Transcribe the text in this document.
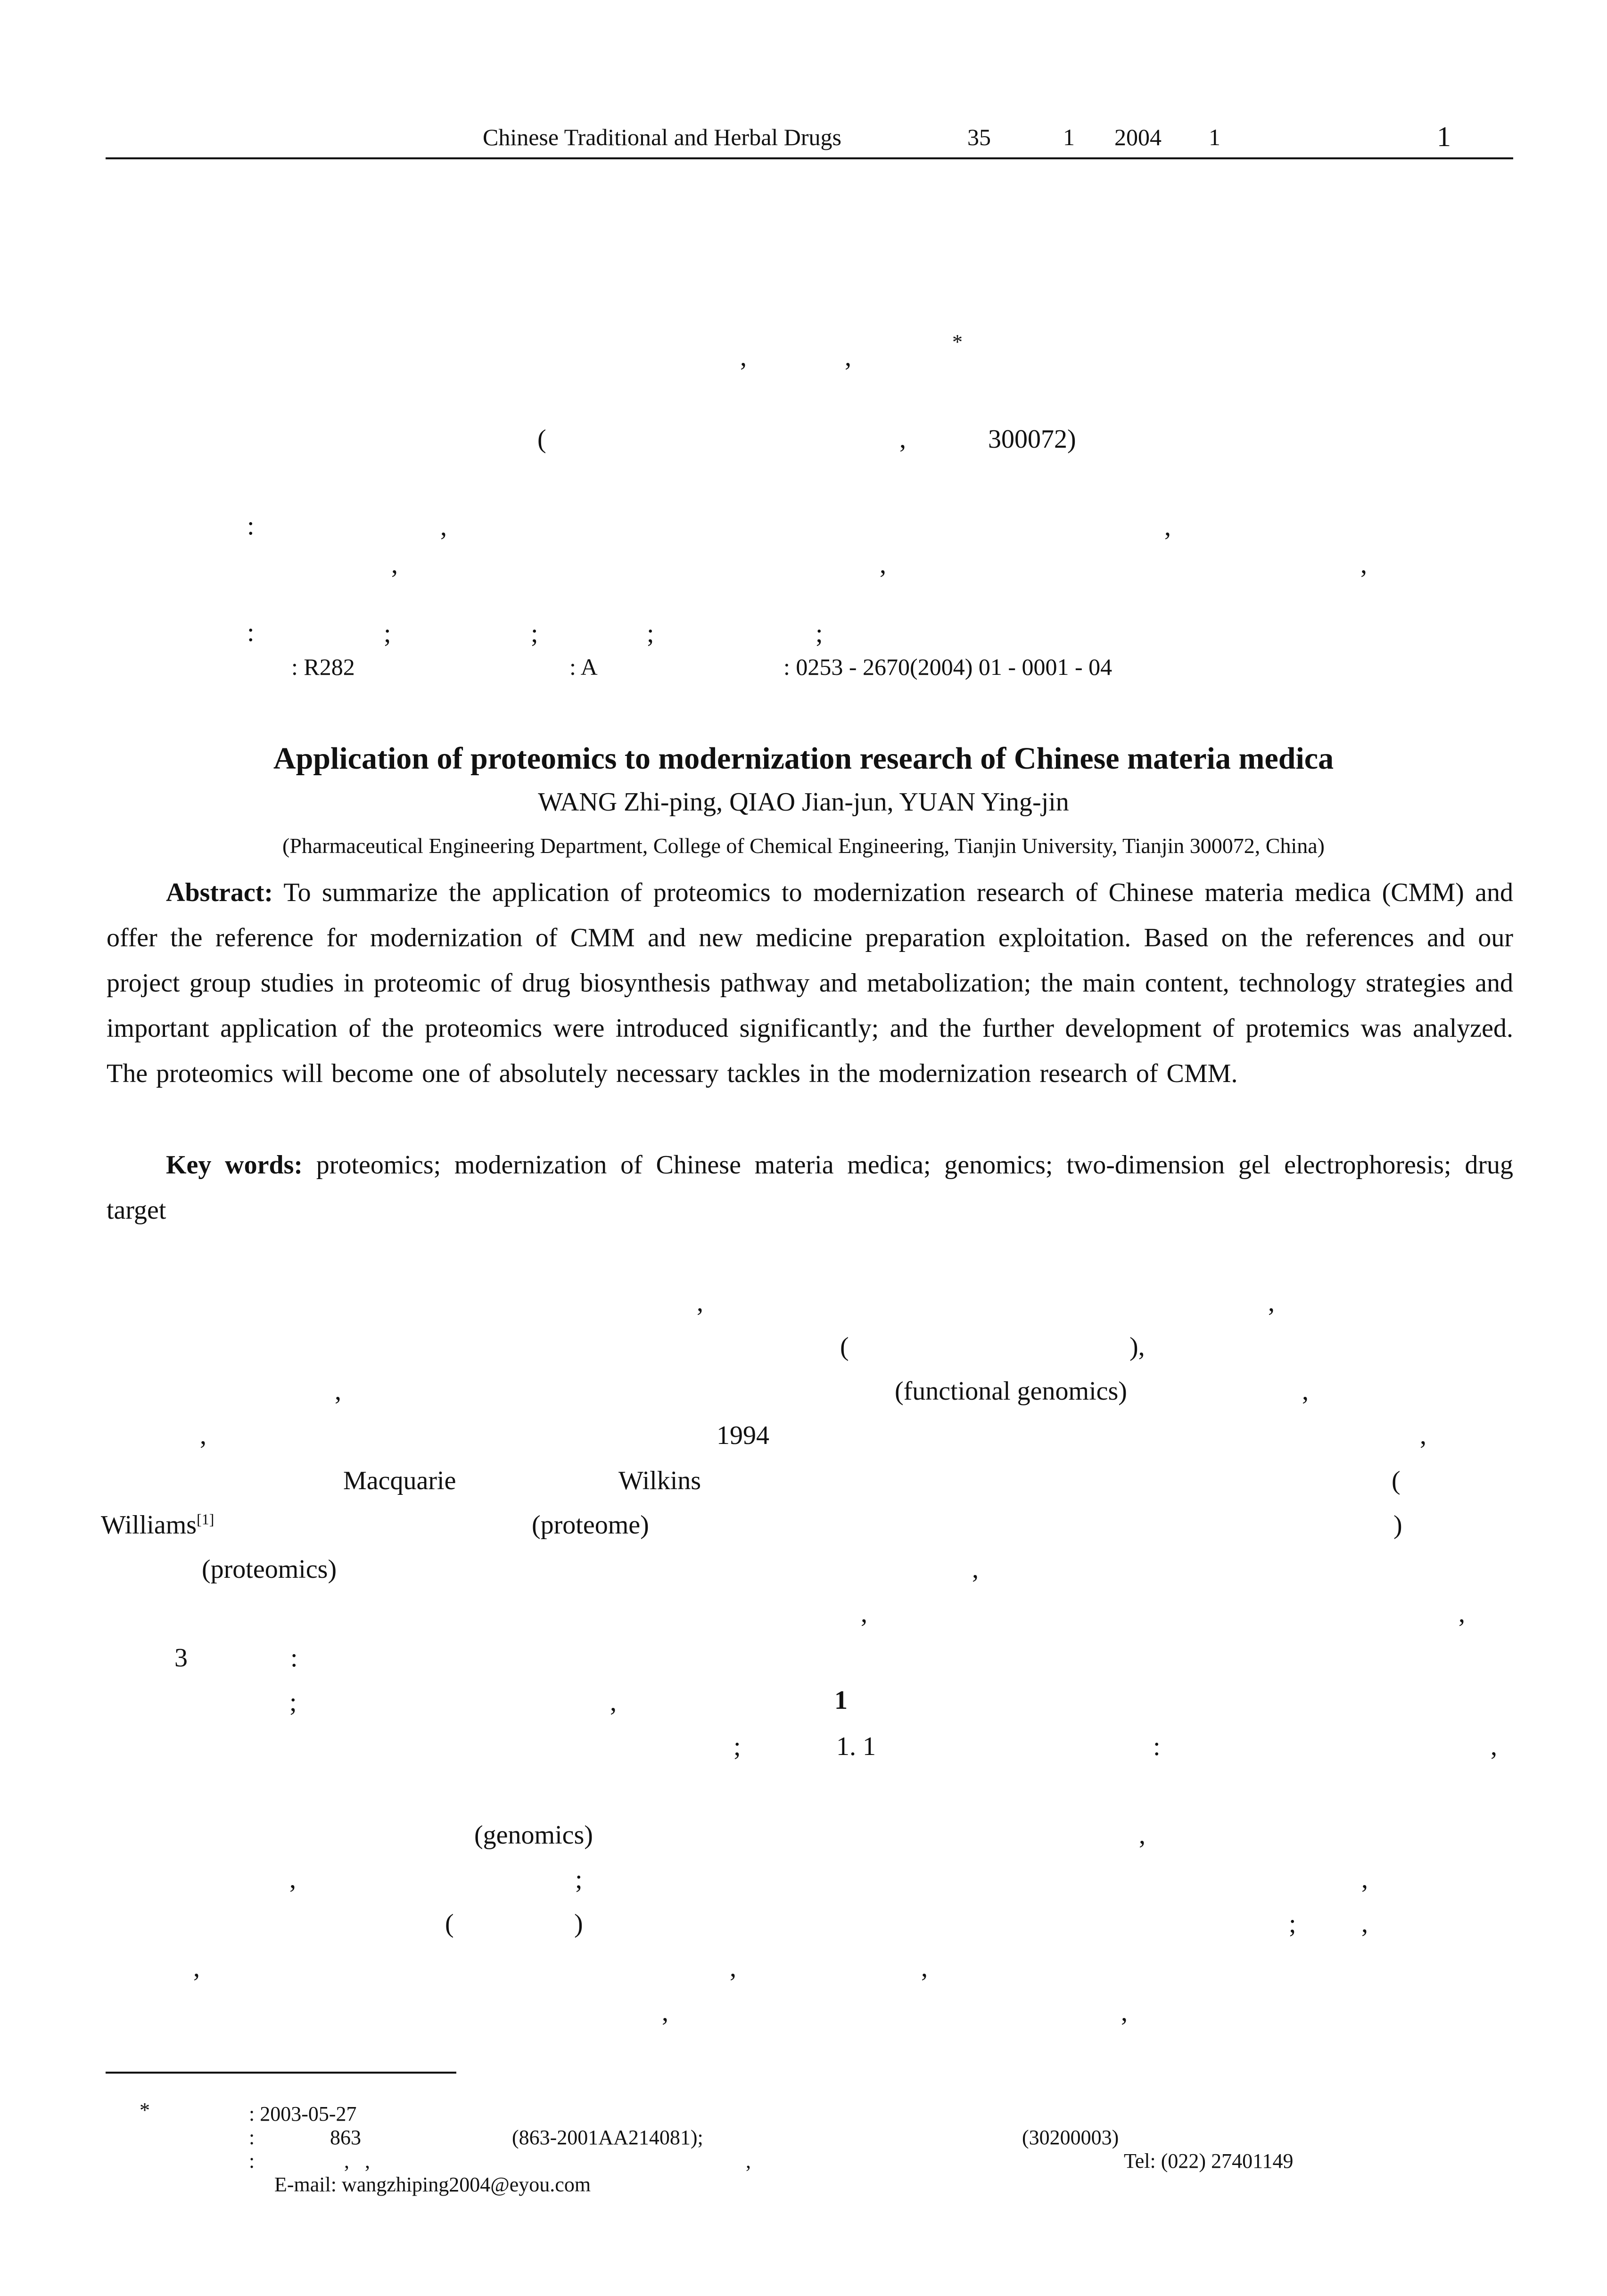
Chinese Traditional and Herbal Drugs	35	1 2004 1	1
*
,	,
(	,	300072)
:	,	,
,	,	,
:	;	;	;	;
: R282	: A	: 0253 - 2670(2004) 01 - 0001 - 04
Application of proteomics to modernization research of Chinese materia medica
WANG Zhi-ping, QIAO Jian-jun, YUAN Ying-jin
(Pharmaceutical Engineering Department, College of Chemical Engineering, Tianjin University, Tianjin 300072, China)
Abstract: To summarize the application of proteomics to modernization research of Chinese materia medica (CMM) and offer the reference for modernization of CMM and new medicine preparation exploitation. Based on the references and our project group studies in proteomic of drug biosynthesis pathway and metabolization; the main content, technology strategies and important application of the proteomics were introduced significantly; and the further development of protemics was analyzed. The proteomics will become one of absolutely necessary tackles in the modernization research of CMM.
Key words: proteomics; modernization of Chinese materia medica; genomics; two-dimension gel electrophoresis; drug target
,	,
(	),
,	(functional genomics)	,
,	1994	,
Macquarie	Wilkins	(
Williams[1]	(proteome)	)
(proteomics)	,
,	,
3	:
;	,	1
;	1. 1	:	,
(genomics)	,
,	;	,
(	)	; ,
,	,	,
,	,
*	: 2003-05-27
:	863	(863-2001AA214081);	(30200003)
:	,   ,	,	Tel: (022) 27401149
E-mail: wangzhiping2004@eyou.com
